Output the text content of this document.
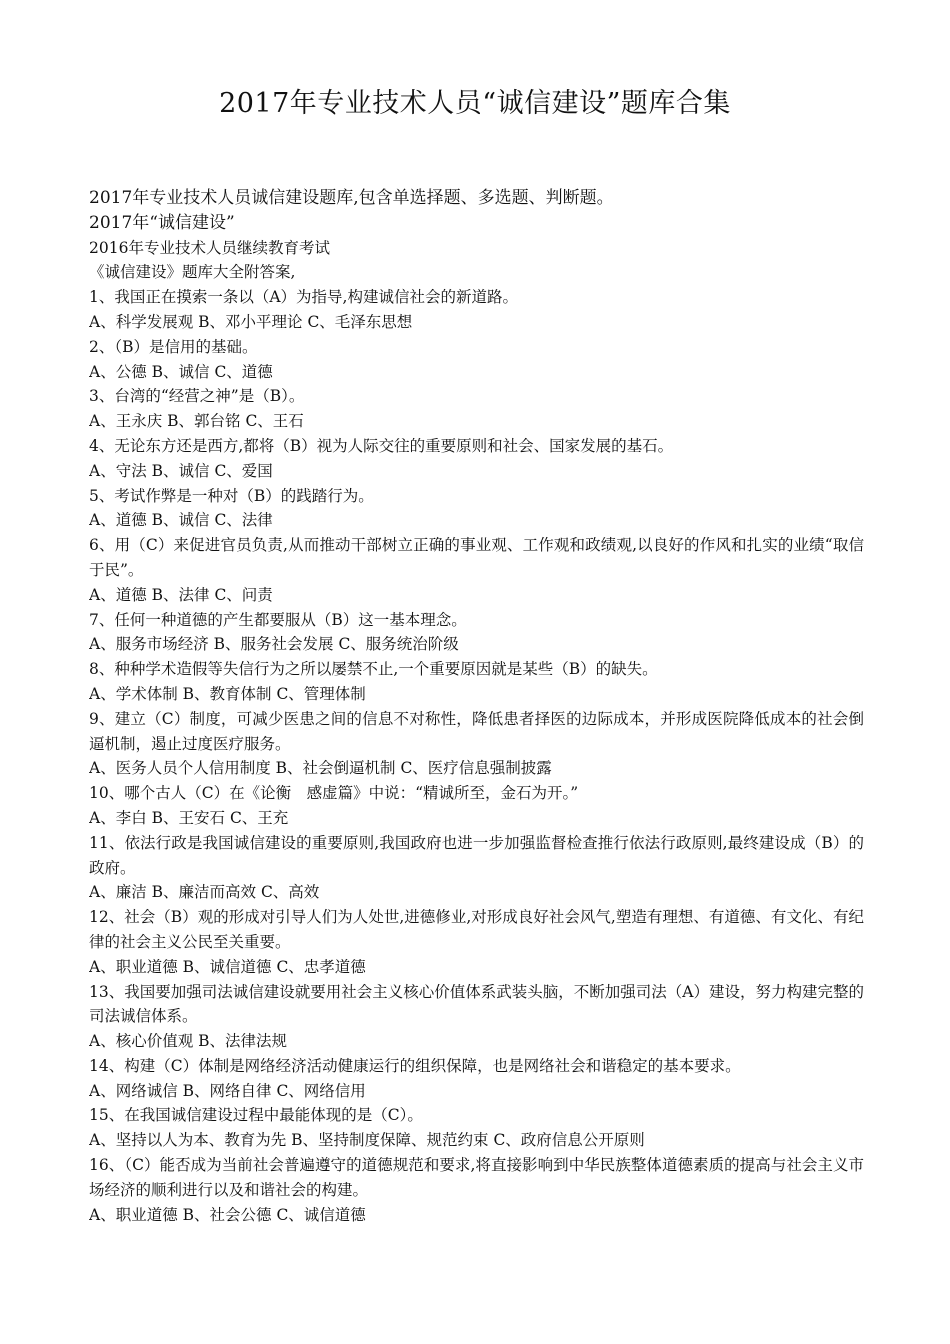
2017年专业技术人员“诚信建设”题库合集

2017年专业技术人员诚信建设题库,包含单选择题、多选题、判断题。

2017年“诚信建设”

2016年专业技术人员继续教育考试

《诚信建设》题库大全附答案,

1、我国正在摸索一条以（A）为指导,构建诚信社会的新道路。

A、科学发展观 B、邓小平理论 C、毛泽东思想

2、（B）是信用的基础。

A、公德 B、诚信 C、道德

3、台湾的“经营之神”是（B）。

A、王永庆 B、郭台铭 C、王石

4、无论东方还是西方,都将（B）视为人际交往的重要原则和社会、国家发展的基石。

A、守法 B、诚信 C、爱国

5、考试作弊是一种对（B）的践踏行为。

A、道德 B、诚信 C、法律

6、用（C）来促进官员负责,从而推动干部树立正确的事业观、工作观和政绩观,以良好的作风和扎实的业绩“取信于民”。

A、道德 B、法律 C、问责

7、任何一种道德的产生都要服从（B）这一基本理念。

A、服务市场经济 B、服务社会发展 C、服务统治阶级

8、种种学术造假等失信行为之所以屡禁不止,一个重要原因就是某些（B）的缺失。

A、学术体制 B、教育体制 C、管理体制

9、建立（C）制度，可减少医患之间的信息不对称性，降低患者择医的边际成本，并形成医院降低成本的社会倒逼机制，遏止过度医疗服务。

A、医务人员个人信用制度 B、社会倒逼机制 C、医疗信息强制披露

10、哪个古人（C）在《论衡　感虚篇》中说：“精诚所至，金石为开。”

A、李白 B、王安石 C、王充

11、依法行政是我国诚信建设的重要原则,我国政府也进一步加强监督检查推行依法行政原则,最终建设成（B）的政府。

A、廉洁 B、廉洁而高效 C、高效

12、社会（B）观的形成对引导人们为人处世,进德修业,对形成良好社会风气,塑造有理想、有道德、有文化、有纪律的社会主义公民至关重要。

A、职业道德 B、诚信道德 C、忠孝道德

13、我国要加强司法诚信建设就要用社会主义核心价值体系武装头脑，不断加强司法（A）建设，努力构建完整的司法诚信体系。

A、核心价值观 B、法律法规

14、构建（C）体制是网络经济活动健康运行的组织保障，也是网络社会和谐稳定的基本要求。

A、网络诚信 B、网络自律 C、网络信用

15、在我国诚信建设过程中最能体现的是（C）。

A、坚持以人为本、教育为先 B、坚持制度保障、规范约束 C、政府信息公开原则

16、（C）能否成为当前社会普遍遵守的道德规范和要求,将直接影响到中华民族整体道德素质的提高与社会主义市场经济的顺利进行以及和谐社会的构建。

A、职业道德 B、社会公德 C、诚信道德
